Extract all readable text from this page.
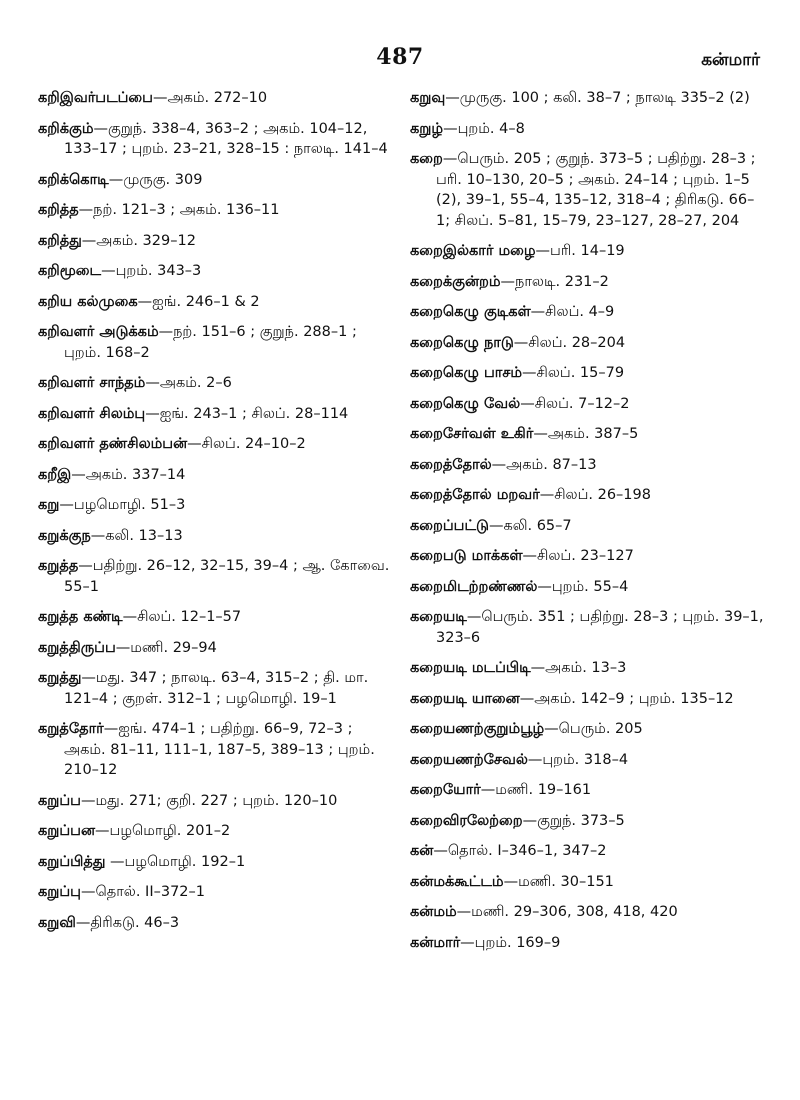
487	கன்மார்
கறிஇவர்படப்பை—அகம். 272–10
கறிக்கும்—குறுந். 338–4, 363–2 ; அகம். 104–12, 133–17 ; புறம். 23–21, 328–15 : நாலடி. 141–4
கறிக்கொடி—முருகு. 309
கறித்த—நற். 121–3 ; அகம். 136–11
கறித்து—அகம். 329–12
கறிமூடை—புறம். 343–3
கறிய கல்முகை—ஐங். 246–1 & 2
கறிவளர் அடுக்கம்—நற். 151–6 ; குறுந். 288–1 ; புறம். 168–2
கறிவளர் சாந்தம்—அகம். 2–6
கறிவளர் சிலம்பு—ஐங். 243–1 ; சிலப். 28–114
கறிவளர் தண்சிலம்பன்—சிலப். 24–10–2
கறீஇ—அகம். 337–14
கறு—பழமொழி. 51–3
கறுக்குந—கலி. 13–13
கறுத்த—பதிற்று. 26–12, 32–15, 39–4 ; ஆ. கோவை. 55–1
கறுத்த கண்டி—சிலப். 12–1–57
கறுத்திருப்ப—மணி. 29–94
கறுத்து—மது. 347 ; நாலடி. 63–4, 315–2 ; தி. மா. 121–4 ; குறள். 312–1 ; பழமொழி. 19–1
கறுத்தோர்—ஐங். 474–1 ; பதிற்று. 66–9, 72–3 ; அகம். 81–11, 111–1, 187–5, 389–13 ; புறம். 210–12
கறுப்ப—மது. 271; குறி. 227 ; புறம். 120–10
கறுப்பன—பழமொழி. 201–2
கறுப்பித்து —பழமொழி. 192–1
கறுப்பு—தொல். II–372–1
கறுவி—திரிகடு. 46–3
கறுவு—முருகு. 100 ; கலி. 38–7 ; நாலடி 335–2 (2)
கறுழ்—புறம். 4–8
கறை—பெரும். 205 ; குறுந். 373–5 ; பதிற்று. 28–3 ; பரி. 10–130, 20–5 ; அகம். 24–14 ; புறம். 1–5 (2), 39–1, 55–4, 135–12, 318–4 ; திரிகடு. 66–1; சிலப். 5–81, 15–79, 23–127, 28–27, 204
கறைஇல்கார் மழை—பரி. 14–19
கறைக்குன்றம்—நாலடி. 231–2
கறைகெழு குடிகள்—சிலப். 4–9
கறைகெழு நாடு—சிலப். 28–204
கறைகெழு பாசம்—சிலப். 15–79
கறைகெழு வேல்—சிலப். 7–12–2
கறைசேர்வள் உகிர்—அகம். 387–5
கறைத்தோல்—அகம். 87–13
கறைத்தோல் மறவர்—சிலப். 26–198
கறைப்பட்டு—கலி. 65–7
கறைபடு மாக்கள்—சிலப். 23–127
கறைமிடற்றண்ணல்—புறம். 55–4
கறையடி—பெரும். 351 ; பதிற்று. 28–3 ; புறம். 39–1, 323–6
கறையடி மடப்பிடி—அகம். 13–3
கறையடி யானை—அகம். 142–9 ; புறம். 135–12
கறையணற்குறும்பூழ்—பெரும். 205
கறையணற்சேவல்—புறம். 318–4
கறையோர்—மணி. 19–161
கறைவிரலேற்றை—குறுந். 373–5
கன்—தொல். I–346–1, 347–2
கன்மக்கூட்டம்—மணி. 30–151
கன்மம்—மணி. 29–306, 308, 418, 420
கன்மார்—புறம். 169–9
